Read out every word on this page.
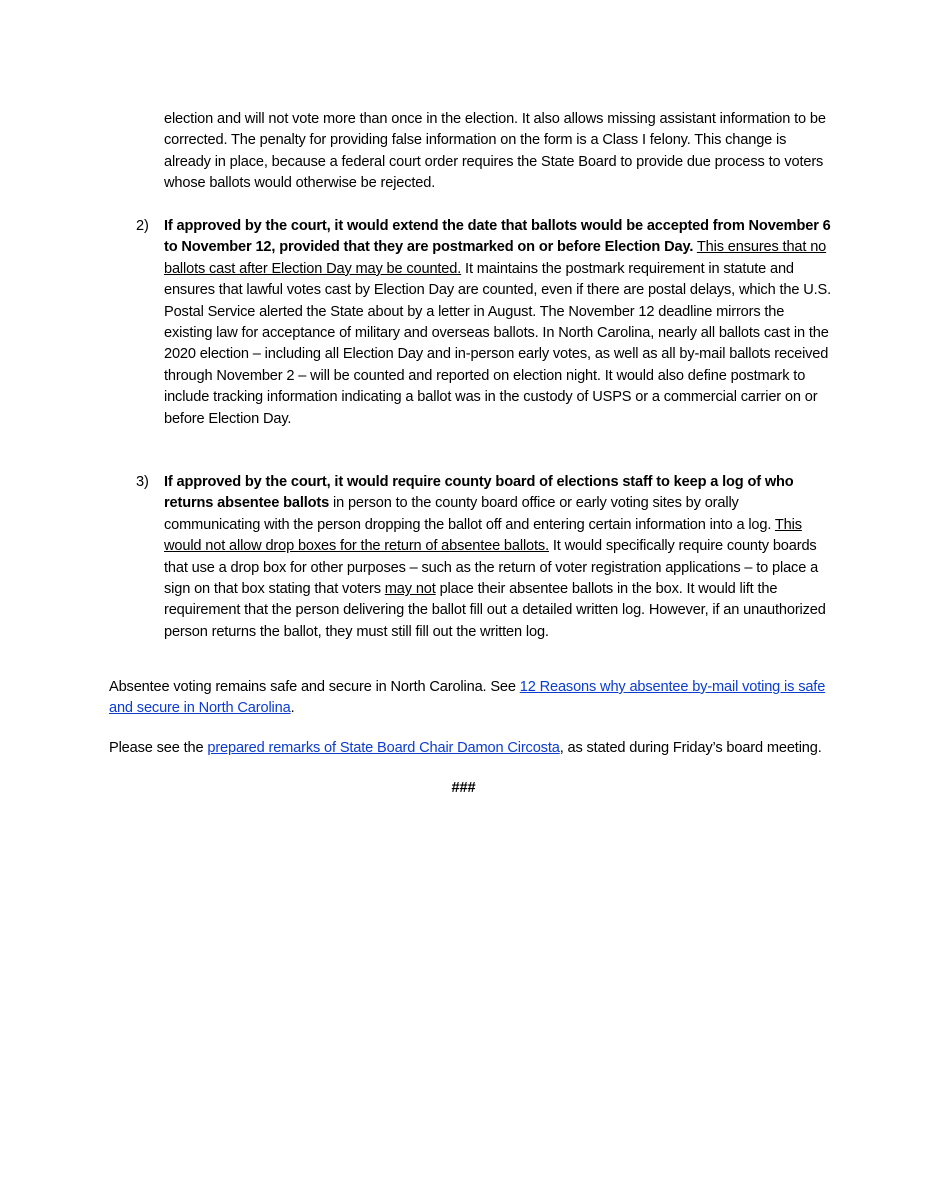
election and will not vote more than once in the election. It also allows missing assistant information to be corrected. The penalty for providing false information on the form is a Class I felony. This change is already in place, because a federal court order requires the State Board to provide due process to voters whose ballots would otherwise be rejected.
2)	If approved by the court, it would extend the date that ballots would be accepted from November 6 to November 12, provided that they are postmarked on or before Election Day. This ensures that no ballots cast after Election Day may be counted. It maintains the postmark requirement in statute and ensures that lawful votes cast by Election Day are counted, even if there are postal delays, which the U.S. Postal Service alerted the State about by a letter in August. The November 12 deadline mirrors the existing law for acceptance of military and overseas ballots. In North Carolina, nearly all ballots cast in the 2020 election – including all Election Day and in-person early votes, as well as all by-mail ballots received through November 2 – will be counted and reported on election night. It would also define postmark to include tracking information indicating a ballot was in the custody of USPS or a commercial carrier on or before Election Day.
3)	If approved by the court, it would require county board of elections staff to keep a log of who returns absentee ballots in person to the county board office or early voting sites by orally communicating with the person dropping the ballot off and entering certain information into a log. This would not allow drop boxes for the return of absentee ballots. It would specifically require county boards that use a drop box for other purposes – such as the return of voter registration applications – to place a sign on that box stating that voters may not place their absentee ballots in the box. It would lift the requirement that the person delivering the ballot fill out a detailed written log. However, if an unauthorized person returns the ballot, they must still fill out the written log.
Absentee voting remains safe and secure in North Carolina. See 12 Reasons why absentee by-mail voting is safe and secure in North Carolina.
Please see the prepared remarks of State Board Chair Damon Circosta, as stated during Friday’s board meeting.
###
